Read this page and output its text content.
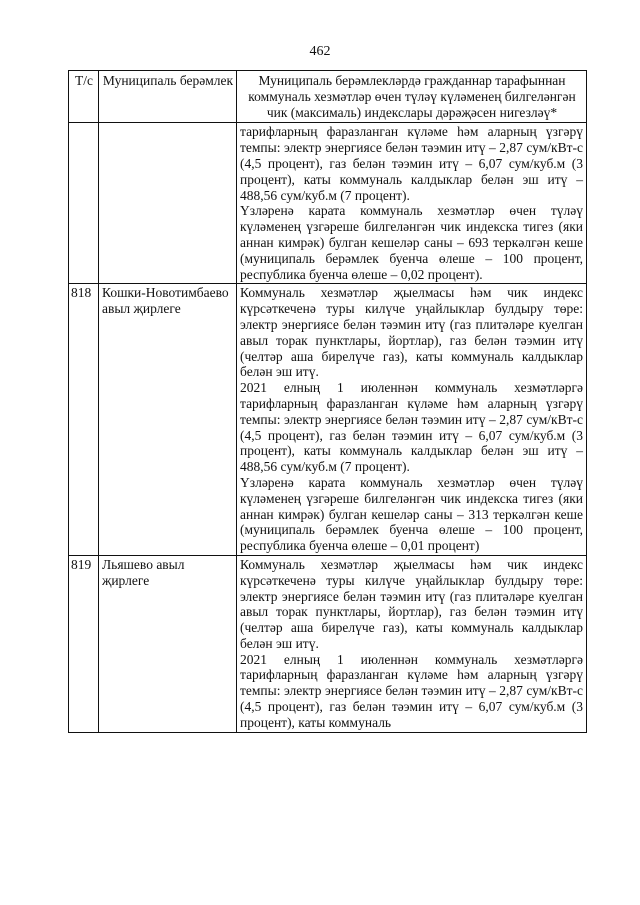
462
Т/с	Муниципаль берәмлек	Муниципаль берәмлекләрдә гражданнар тарафыннан коммуналь хезмәтләр өчен түләү күләменең билгеләнгән чик (максималь) индекслары дәрәҗәсен нигезләү*

		тарифларның фаразланган күләме һәм аларның үзгәрү темпы: электр энергиясе белән тәэмин итү – 2,87 сум/кВт-с (4,5 процент), газ белән тәэмин итү – 6,07 сум/куб.м (3 процент), каты коммуналь калдыклар белән эш итү – 488,56 сум/куб.м (7 процент).

Үзләренә карата коммуналь хезмәтләр өчен түләү күләменең үзгәреше билгеләнгән чик индекска тигез (яки аннан кимрәк) булган кешеләр саны – 693 теркәлгән кеше (муниципаль берәмлек буенча өлеше – 100 процент, республика буенча өлеше – 0,02 процент).

818	Кошки-Новотимбаево авыл җирлеге	Коммуналь хезмәтләр җыелмасы һәм чик индекс күрсәткеченә туры килүче уңайлыклар булдыру төре: электр энергиясе белән тәэмин итү (газ плитәләре куелган авыл торак пунктлары, йортлар), газ белән тәэмин итү (челтәр аша бирелүче газ), каты коммуналь калдыклар белән эш итү.

2021 елның 1 июленнән коммуналь хезмәтләргә тарифларның фаразланган күләме һәм аларның үзгәрү темпы: электр энергиясе белән тәэмин итү – 2,87 сум/кВт-с (4,5 процент), газ белән тәэмин итү – 6,07 сум/куб.м (3 процент), каты коммуналь калдыклар белән эш итү – 488,56 сум/куб.м (7 процент).

Үзләренә карата коммуналь хезмәтләр өчен түләү күләменең үзгәреше билгеләнгән чик индекска тигез (яки аннан кимрәк) булган кешеләр саны – 313 теркәлгән кеше (муниципаль берәмлек буенча өлеше – 100 процент, республика буенча өлеше – 0,01 процент)

819	Льяшево авыл җирлеге	Коммуналь хезмәтләр җыелмасы һәм чик индекс күрсәткеченә туры килүче уңайлыклар булдыру төре: электр энергиясе белән тәэмин итү (газ плитәләре куелган авыл торак пунктлары, йортлар), газ белән тәэмин итү (челтәр аша бирелүче газ), каты коммуналь калдыклар белән эш итү.

2021 елның 1 июленнән коммуналь хезмәтләргә тарифларның фаразланган күләме һәм аларның үзгәрү темпы: электр энергиясе белән тәэмин итү – 2,87 сум/кВт-с (4,5 процент), газ белән тәэмин итү – 6,07 сум/куб.м (3 процент), каты коммуналь
